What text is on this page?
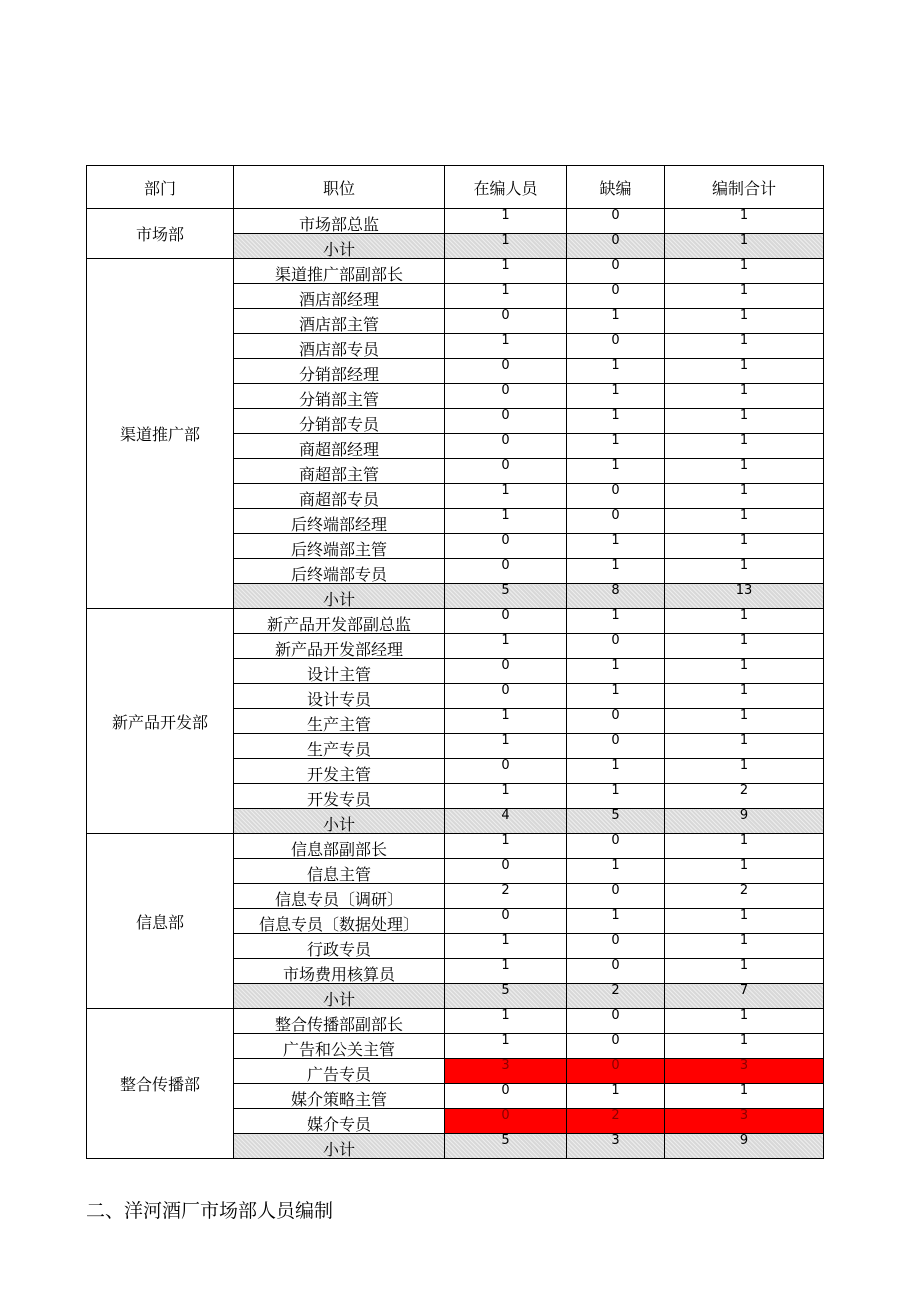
部门	职位	在编人员	缺编	编制合计
市场部	市场部总监	1	0	1
	小计	1	0	1
渠道推广部	渠道推广部副部长	1	0	1
	酒店部经理	1	0	1
	酒店部主管	0	1	1
	酒店部专员	1	0	1
	分销部经理	0	1	1
	分销部主管	0	1	1
	分销部专员	0	1	1
	商超部经理	0	1	1
	商超部主管	0	1	1
	商超部专员	1	0	1
	后终端部经理	1	0	1
	后终端部主管	0	1	1
	后终端部专员	0	1	1
	小计	5	8	13
新产品开发部	新产品开发部副总监	0	1	1
	新产品开发部经理	1	0	1
	设计主管	0	1	1
	设计专员	0	1	1
	生产主管	1	0	1
	生产专员	1	0	1
	开发主管	0	1	1
	开发专员	1	1	2
	小计	4	5	9
信息部	信息部副部长	1	0	1
	信息主管	0	1	1
	信息专员〔调研〕	2	0	2
	信息专员〔数据处理〕	0	1	1
	行政专员	1	0	1
	市场费用核算员	1	0	1
	小计	5	2	7
整合传播部	整合传播部副部长	1	0	1
	广告和公关主管	1	0	1
	广告专员	3	0	3
	媒介策略主管	0	1	1
	媒介专员	0	2	3
	小计	5	3	9
二、洋河酒厂市场部人员编制
